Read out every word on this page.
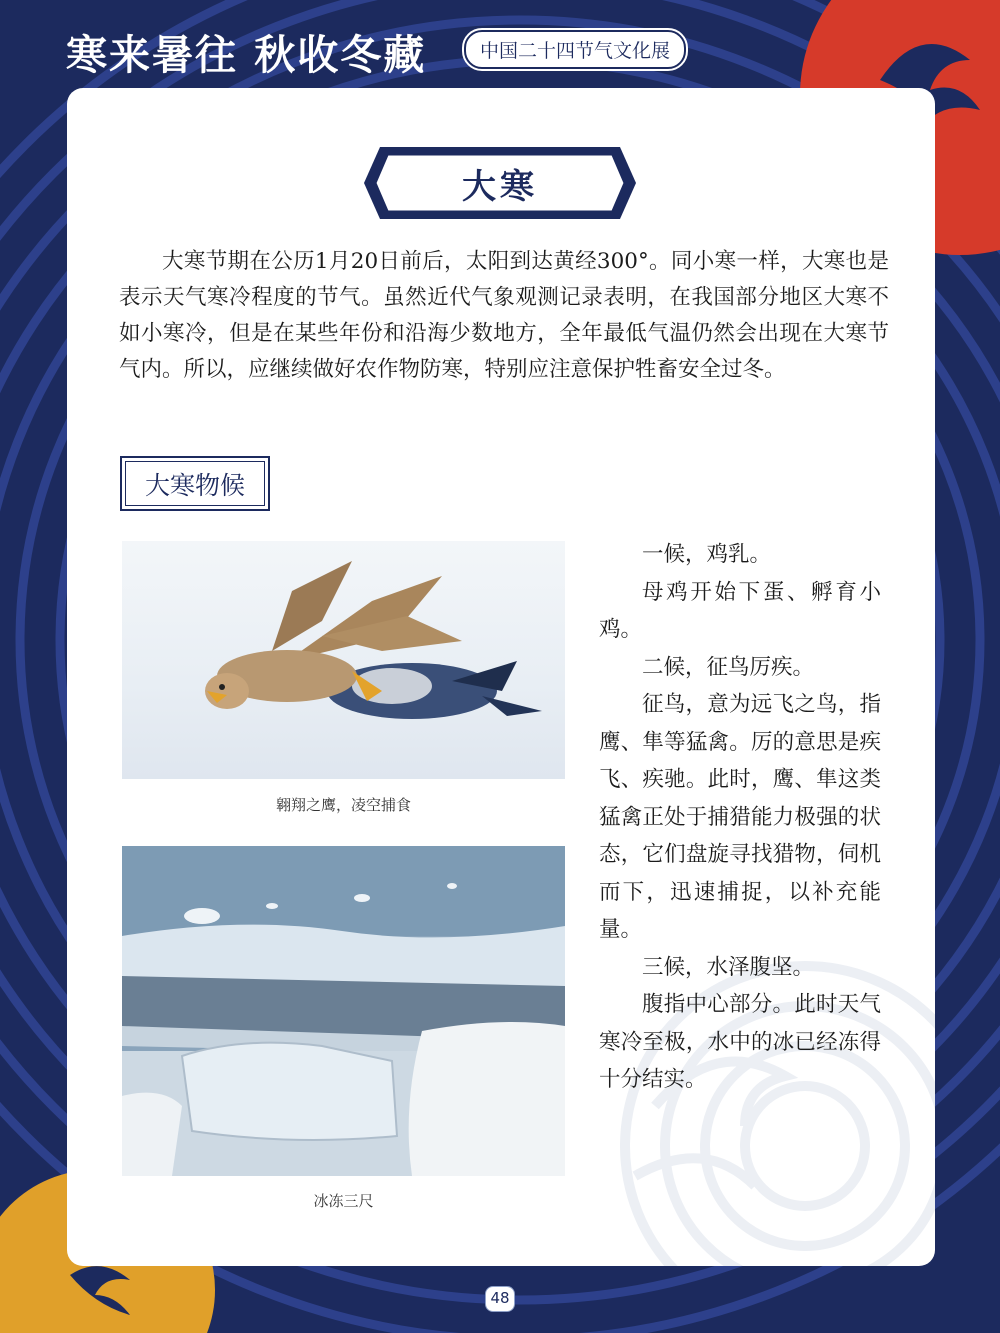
寒来暑往 秋收冬藏	中国二十四节气文化展
大寒

大寒节期在公历1月20日前后，太阳到达黄经300°。同小寒一样，大寒也是表示天气寒冷程度的节气。虽然近代气象观测记录表明，在我国部分地区大寒不如小寒冷，但是在某些年份和沿海少数地方，全年最低气温仍然会出现在大寒节气内。所以，应继续做好农作物防寒，特别应注意保护牲畜安全过冬。

大寒物候
翱翔之鹰，凌空捕食
冰冻三尺

一候，鸡乳。

母鸡开始下蛋、孵育小鸡。

二候，征鸟厉疾。

征鸟，意为远飞之鸟，指鹰、隼等猛禽。厉的意思是疾飞、疾驰。此时，鹰、隼这类猛禽正处于捕猎能力极强的状态，它们盘旋寻找猎物，伺机而下，迅速捕捉，以补充能量。

三候，水泽腹坚。

腹指中心部分。此时天气寒冷至极，水中的冰已经冻得十分结实。

48
